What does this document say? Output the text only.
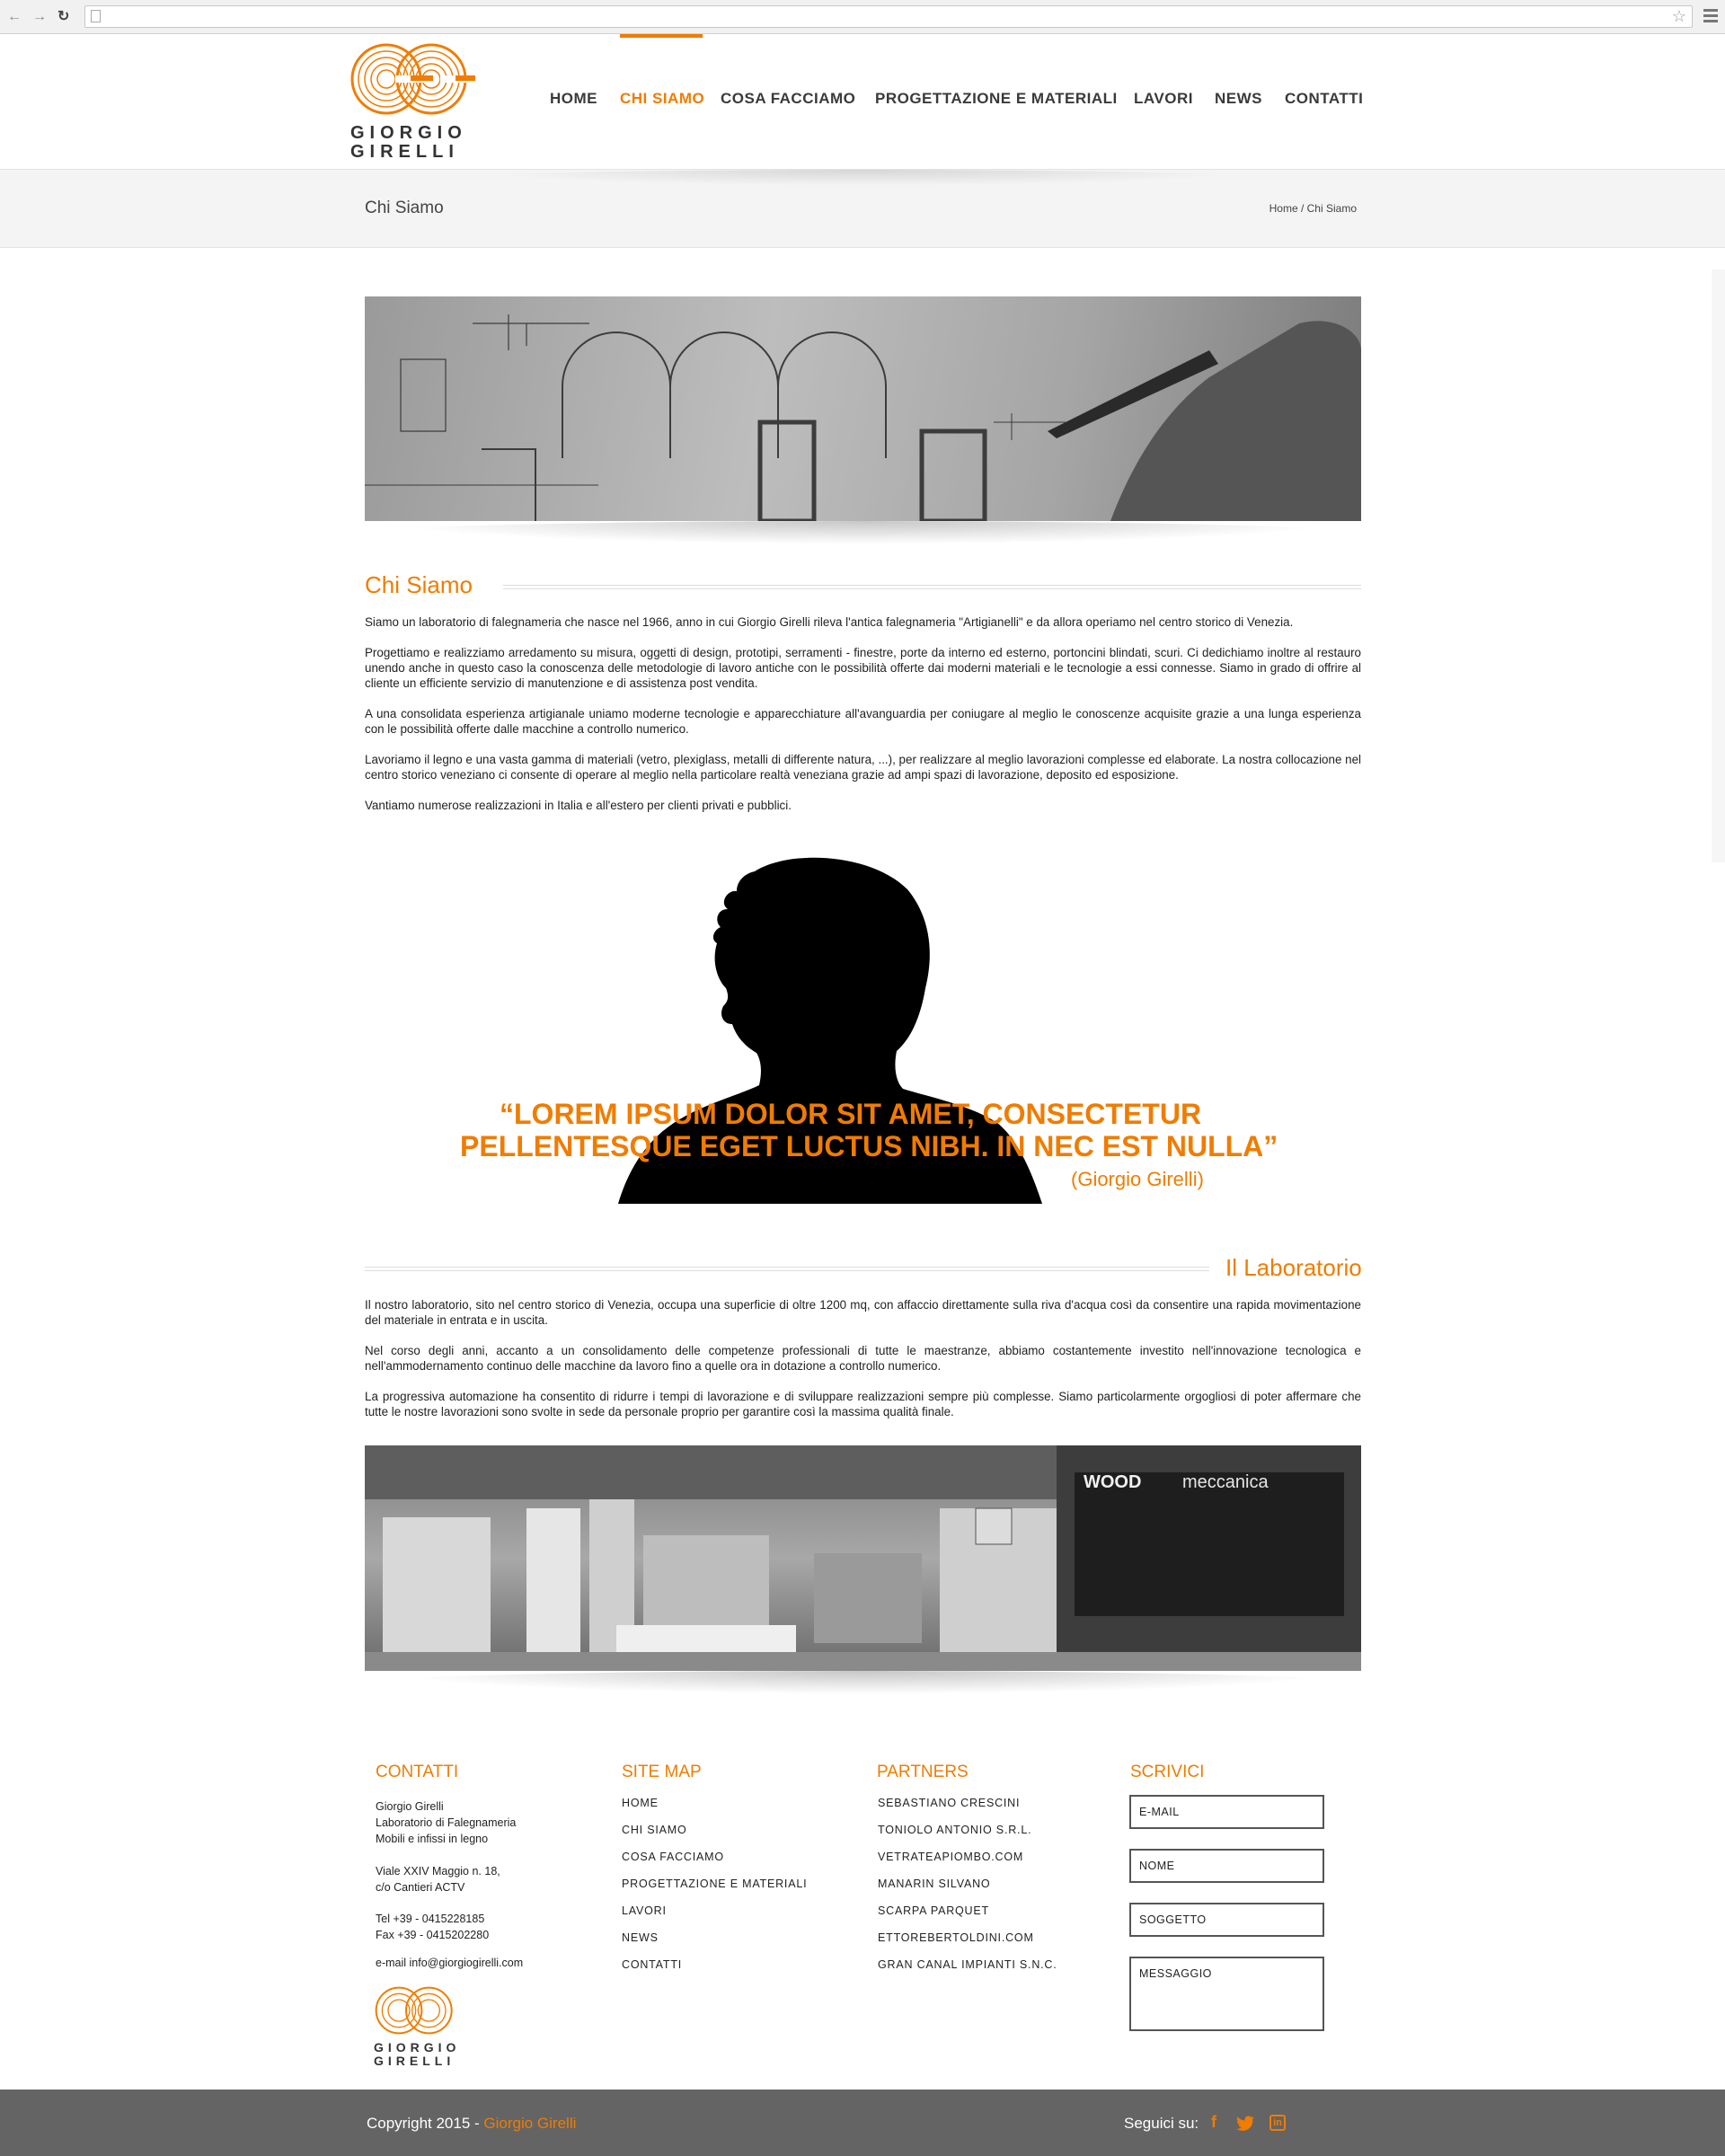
← → ↻	☆
GIORGIO
GIRELLI
HOME CHI SIAMO COSA FACCIAMO PROGETTAZIONE E MATERIALI LAVORI NEWS CONTATTI
Chi Siamo	Home / Chi Siamo
Chi Siamo

Siamo un laboratorio di falegnameria che nasce nel 1966, anno in cui Giorgio Girelli rileva l'antica falegnameria "Artigianelli" e da allora operiamo nel centro storico di Venezia.

Progettiamo e realizziamo arredamento su misura, oggetti di design, prototipi, serramenti - finestre, porte da interno ed esterno, portoncini blindati, scuri. Ci dedichiamo inoltre al restauro unendo anche in questo caso la conoscenza delle metodologie di lavoro antiche con le possibilità offerte dai moderni materiali e le tecnologie a essi connesse. Siamo in grado di offrire al cliente un efficiente servizio di manutenzione e di assistenza post vendita.

A una consolidata esperienza artigianale uniamo moderne tecnologie e apparecchiature all'avanguardia per coniugare al meglio le conoscenze acquisite grazie a una lunga esperienza con le possibilità offerte dalle macchine a controllo numerico.

Lavoriamo il legno e una vasta gamma di materiali (vetro, plexiglass, metalli di differente natura, ...), per realizzare al meglio lavorazioni complesse ed elaborate. La nostra collocazione nel centro storico veneziano ci consente di operare al meglio nella particolare realtà veneziana grazie ad ampi spazi di lavorazione, deposito ed esposizione.

Vantiamo numerose realizzazioni in Italia e all'estero per clienti privati e pubblici.

“LOREM IPSUM DOLOR SIT AMET, CONSECTETUR
PELLENTESQUE EGET LUCTUS NIBH. IN NEC EST NULLA”
(Giorgio Girelli)
Il Laboratorio

Il nostro laboratorio, sito nel centro storico di Venezia, occupa una superficie di oltre 1200 mq, con affaccio direttamente sulla riva d'acqua così da consentire una rapida movimentazione del materiale in entrata e in uscita.

Nel corso degli anni, accanto a un consolidamento delle competenze professionali di tutte le maestranze, abbiamo costantemente investito nell'innovazione tecnologica e nell'ammodernamento continuo delle macchine da lavoro fino a quelle ora in dotazione a controllo numerico.

La progressiva automazione ha consentito di ridurre i tempi di lavorazione e di sviluppare realizzazioni sempre più complesse. Siamo particolarmente orgogliosi di poter affermare che tutte le nostre lavorazioni sono svolte in sede da personale proprio per garantire così la massima qualità finale.

WOOD meccanica
CONTATTI
Giorgio Girelli
Laboratorio di Falegnameria
Mobili e infissi in legno
Viale XXIV Maggio n. 18,
c/o Cantieri ACTV
Tel +39 - 0415228185
Fax +39 - 0415202280
e-mail info@giorgiogirelli.com
GIORGIO
GIRELLI
SITE MAP
HOME
CHI SIAMO
COSA FACCIAMO
PROGETTAZIONE E MATERIALI
LAVORI
NEWS
CONTATTI
PARTNERS
SEBASTIANO CRESCINI
TONIOLO ANTONIO S.R.L.
VETRATEAPIOMBO.COM
MANARIN SILVANO
SCARPA PARQUET
ETTOREBERTOLDINI.COM
GRAN CANAL IMPIANTI S.N.C.
SCRIVICI
E-MAIL
NOME
SOGGETTO
MESSAGGIO
Copyright 2015 - Giorgio Girelli	Seguici su: f	in
